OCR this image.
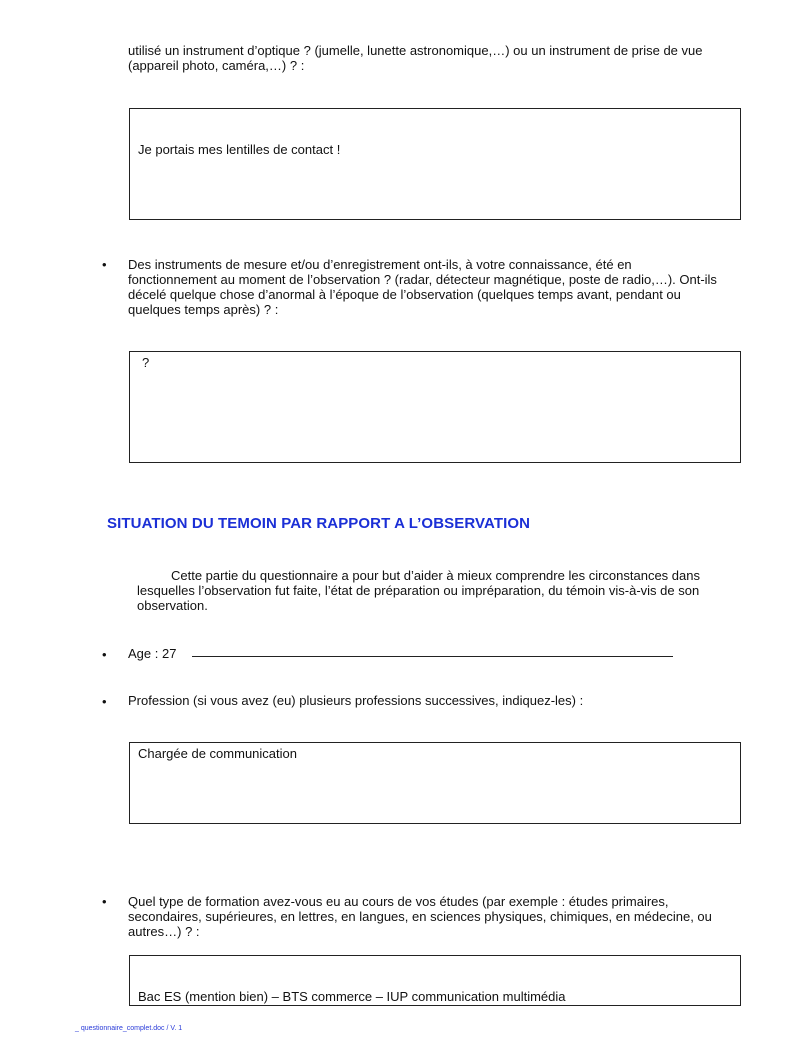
utilisé un instrument d’optique ? (jumelle, lunette astronomique,…) ou un instrument de prise de vue
(appareil photo, caméra,…) ? :
Je portais mes lentilles de contact !
• Des instruments de mesure et/ou d’enregistrement ont-ils, à votre connaissance, été en
fonctionnement au moment de l’observation ? (radar, détecteur magnétique, poste de radio,…). Ont-ils
décelé quelque chose d’anormal à l’époque de l’observation (quelques temps avant, pendant ou
quelques temps après) ? :
?
SITUATION DU TEMOIN PAR RAPPORT A L’OBSERVATION
Cette partie du questionnaire a pour but d’aider à mieux comprendre les circonstances dans
lesquelles l’observation fut faite, l’état de préparation ou impréparation, du témoin vis-à-vis de son
observation.
• Age : 27
• Profession (si vous avez (eu) plusieurs professions successives, indiquez-les) :
Chargée de communication
• Quel type de formation avez-vous eu au cours de vos études (par exemple : études primaires,
secondaires, supérieures, en lettres, en langues, en sciences physiques, chimiques, en médecine, ou
autres…) ? :
Bac ES (mention bien) – BTS commerce – IUP communication multimédia
_ questionnaire_complet.doc / V. 1
